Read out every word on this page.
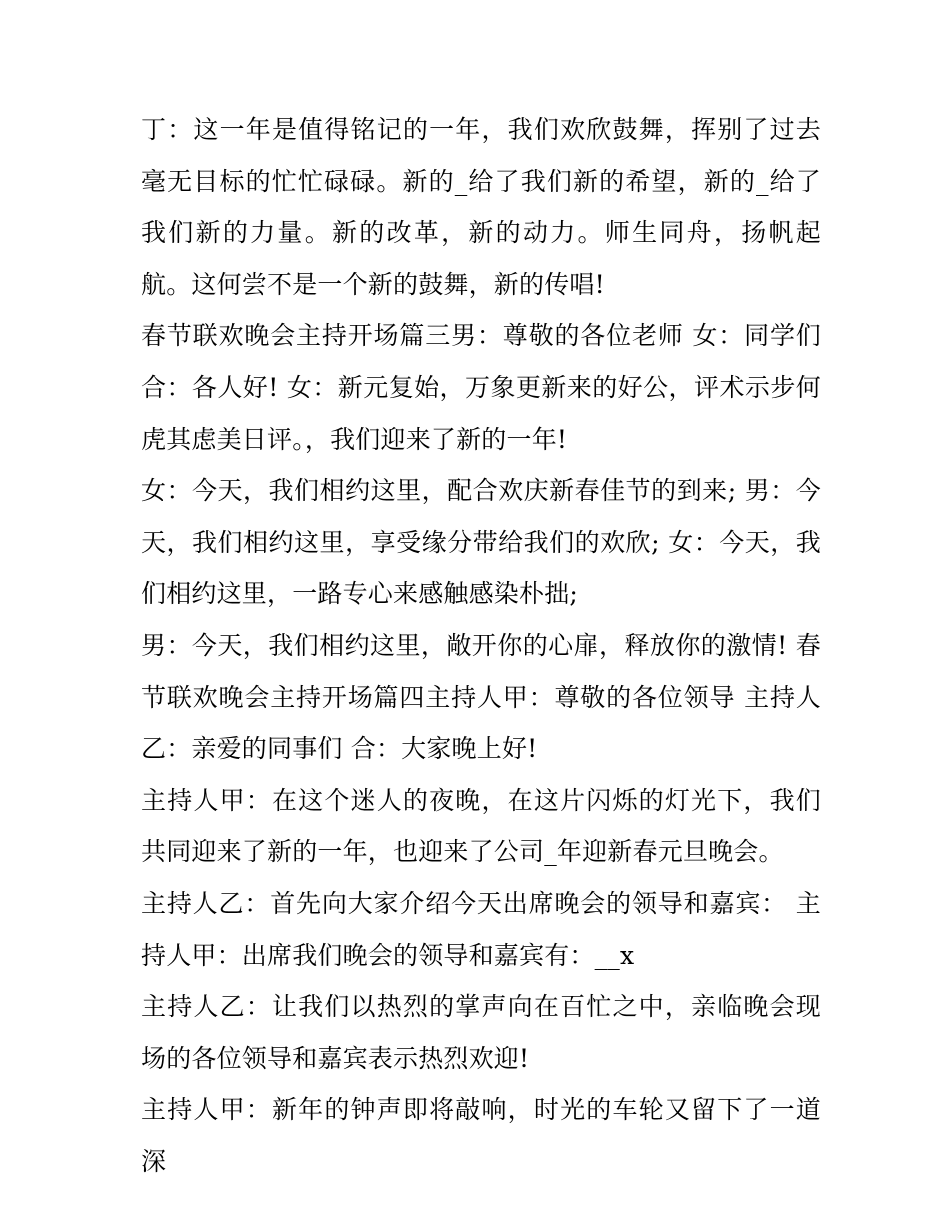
丁：这一年是值得铭记的一年，我们欢欣鼓舞，挥别了过去毫无目标的忙忙碌碌。新的_给了我们新的希望，新的_给了我们新的力量。新的改革，新的动力。师生同舟，扬帆起航。这何尝不是一个新的鼓舞，新的传唱!

春节联欢晚会主持开场篇三男：尊敬的各位老师 女：同学们 合：各人好! 女：新元复始，万象更新来的好公，评术示步何虎其虑美日评。，我们迎来了新的一年!

女：今天，我们相约这里，配合欢庆新春佳节的到来; 男：今天，我们相约这里，享受缘分带给我们的欢欣; 女：今天，我们相约这里，一路专心来感触感染朴拙;

男：今天，我们相约这里，敞开你的心扉，释放你的激情! 春节联欢晚会主持开场篇四主持人甲：尊敬的各位领导 主持人乙：亲爱的同事们 合：大家晚上好!

主持人甲：在这个迷人的夜晚，在这片闪烁的灯光下，我们共同迎来了新的一年，也迎来了公司_年迎新春元旦晚会。

主持人乙：首先向大家介绍今天出席晚会的领导和嘉宾： 主持人甲：出席我们晚会的领导和嘉宾有：__x

主持人乙：让我们以热烈的掌声向在百忙之中，亲临晚会现场的各位领导和嘉宾表示热烈欢迎!

主持人甲：新年的钟声即将敲响，时光的车轮又留下了一道深
